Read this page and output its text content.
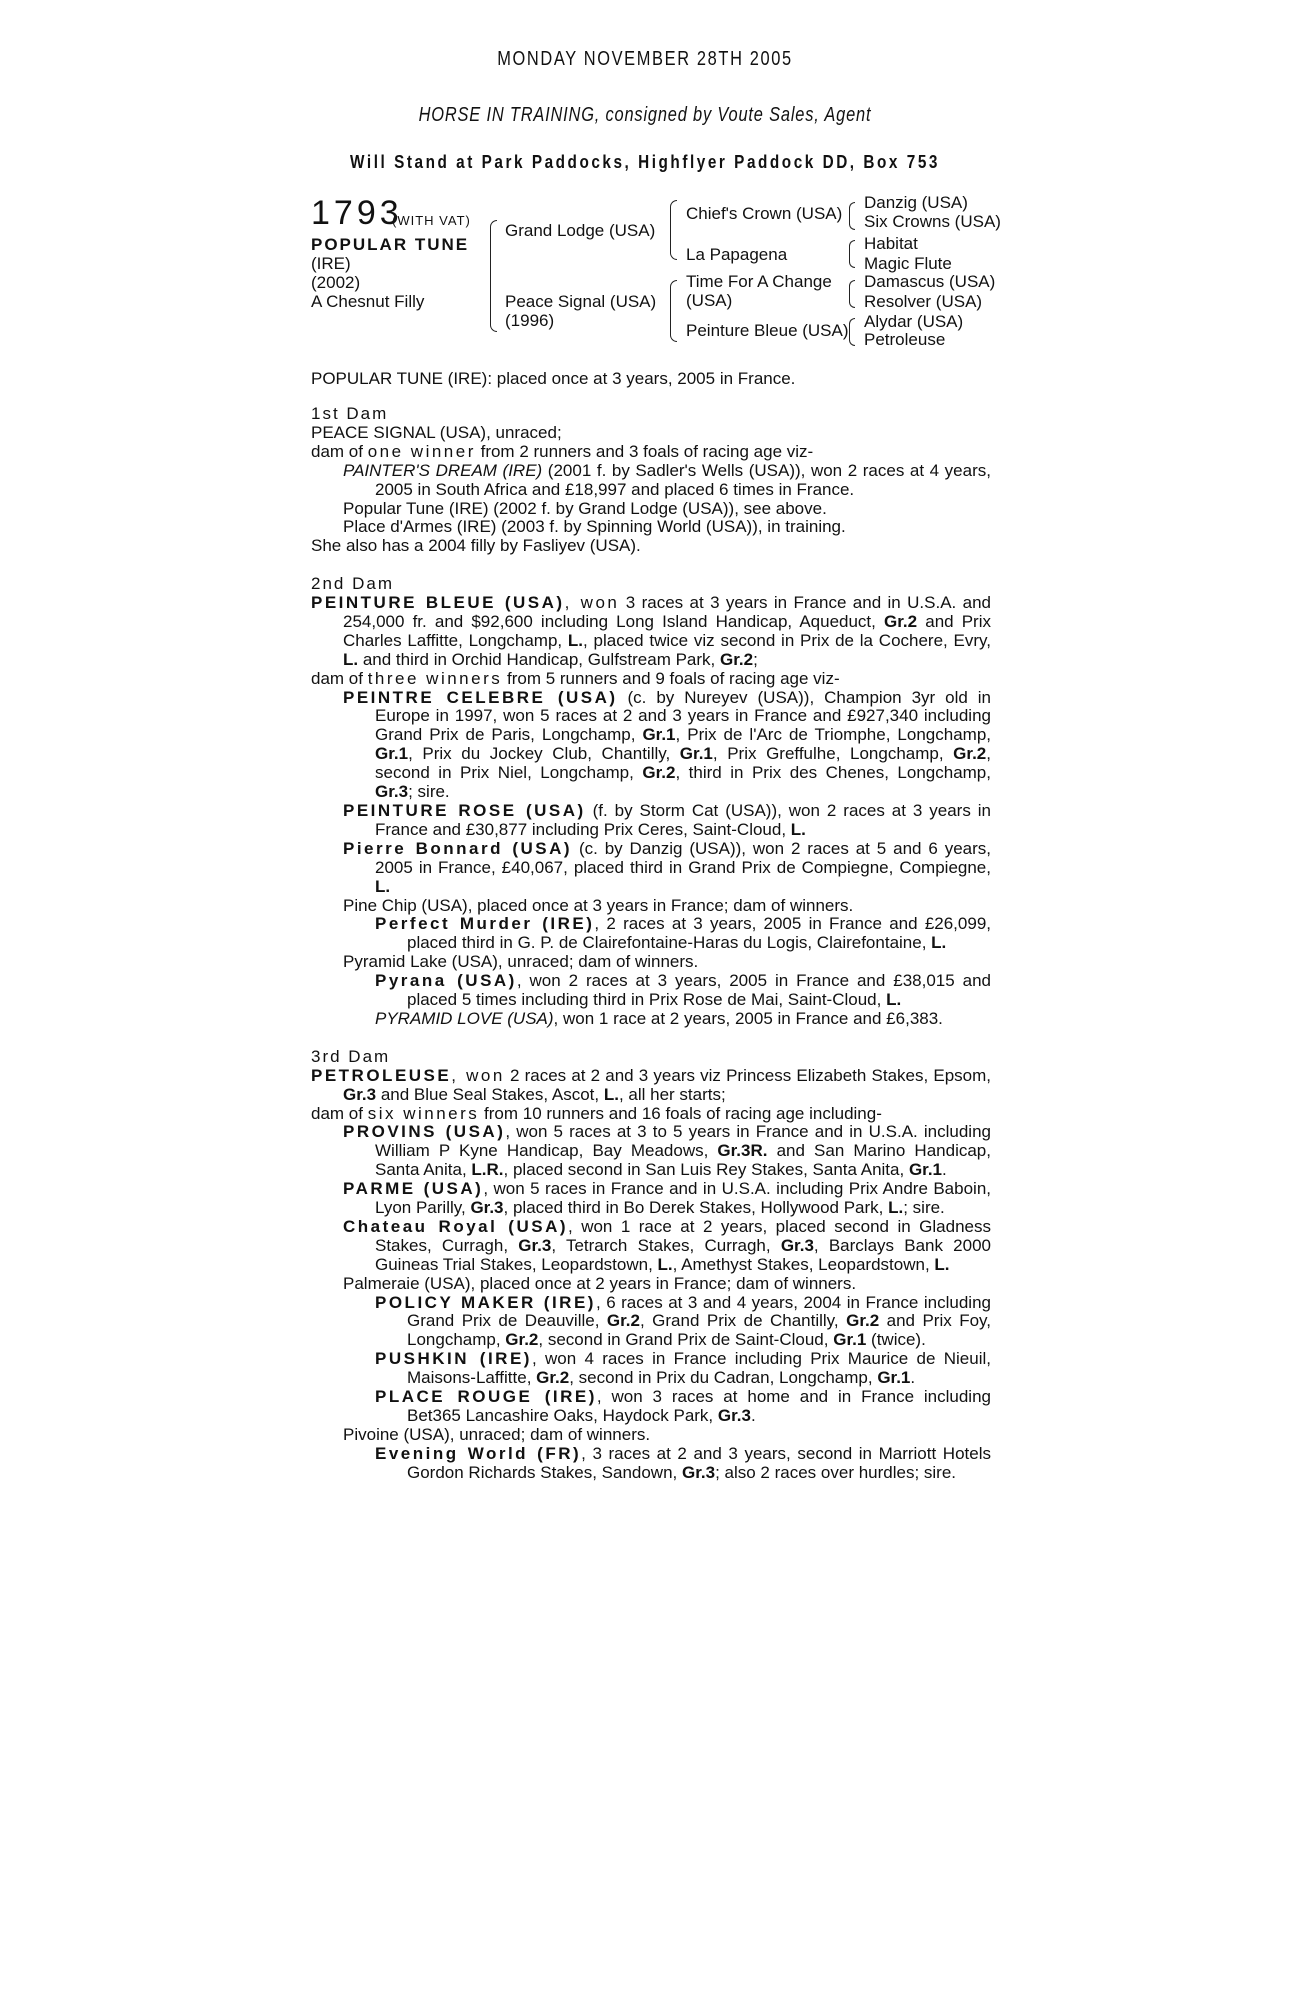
MONDAY NOVEMBER 28TH 2005
HORSE IN TRAINING, consigned by Voute Sales, Agent
Will Stand at Park Paddocks, Highflyer Paddock DD, Box 753
1793
(WITH VAT)
POPULAR TUNE
(IRE)
(2002)
A Chesnut Filly
Grand Lodge (USA)
Peace Signal (USA)
(1996)
Chief's Crown (USA)
La Papagena
Time For A Change
(USA)
Peinture Bleue (USA)
Danzig (USA)
Six Crowns (USA)
Habitat
Magic Flute
Damascus (USA)
Resolver (USA)
Alydar (USA)
Petroleuse
POPULAR TUNE (IRE): placed once at 3 years, 2005 in France.

1st Dam

PEACE SIGNAL (USA), unraced;

dam of one winner from 2 runners and 3 foals of racing age viz-

PAINTER'S DREAM (IRE) (2001 f. by Sadler's Wells (USA)), won 2 races at 4 years, 2005 in South Africa and £18,997 and placed 6 times in France.

Popular Tune (IRE) (2002 f. by Grand Lodge (USA)), see above.

Place d'Armes (IRE) (2003 f. by Spinning World (USA)), in training.

She also has a 2004 filly by Fasliyev (USA).

2nd Dam

PEINTURE BLEUE (USA), won 3 races at 3 years in France and in U.S.A. and 254,000 fr. and $92,600 including Long Island Handicap, Aqueduct, Gr.2 and Prix Charles Laffitte, Longchamp, L., placed twice viz second in Prix de la Cochere, Evry, L. and third in Orchid Handicap, Gulfstream Park, Gr.2;

dam of three winners from 5 runners and 9 foals of racing age viz-

PEINTRE CELEBRE (USA) (c. by Nureyev (USA)), Champion 3yr old in Europe in 1997, won 5 races at 2 and 3 years in France and £927,340 including Grand Prix de Paris, Longchamp, Gr.1, Prix de l'Arc de Triomphe, Longchamp, Gr.1, Prix du Jockey Club, Chantilly, Gr.1, Prix Greffulhe, Longchamp, Gr.2, second in Prix Niel, Longchamp, Gr.2, third in Prix des Chenes, Longchamp, Gr.3; sire.

PEINTURE ROSE (USA) (f. by Storm Cat (USA)), won 2 races at 3 years in France and £30,877 including Prix Ceres, Saint-Cloud, L.

Pierre Bonnard (USA) (c. by Danzig (USA)), won 2 races at 5 and 6 years, 2005 in France, £40,067, placed third in Grand Prix de Compiegne, Compiegne, L.

Pine Chip (USA), placed once at 3 years in France; dam of winners.

Perfect Murder (IRE), 2 races at 3 years, 2005 in France and £26,099, placed third in G. P. de Clairefontaine-Haras du Logis, Clairefontaine, L.

Pyramid Lake (USA), unraced; dam of winners.

Pyrana (USA), won 2 races at 3 years, 2005 in France and £38,015 and placed 5 times including third in Prix Rose de Mai, Saint-Cloud, L.

PYRAMID LOVE (USA), won 1 race at 2 years, 2005 in France and £6,383.

3rd Dam

PETROLEUSE, won 2 races at 2 and 3 years viz Princess Elizabeth Stakes, Epsom, Gr.3 and Blue Seal Stakes, Ascot, L., all her starts;

dam of six winners from 10 runners and 16 foals of racing age including-

PROVINS (USA), won 5 races at 3 to 5 years in France and in U.S.A. including William P Kyne Handicap, Bay Meadows, Gr.3R. and San Marino Handicap, Santa Anita, L.R., placed second in San Luis Rey Stakes, Santa Anita, Gr.1.

PARME (USA), won 5 races in France and in U.S.A. including Prix Andre Baboin, Lyon Parilly, Gr.3, placed third in Bo Derek Stakes, Hollywood Park, L.; sire.

Chateau Royal (USA), won 1 race at 2 years, placed second in Gladness Stakes, Curragh, Gr.3, Tetrarch Stakes, Curragh, Gr.3, Barclays Bank 2000 Guineas Trial Stakes, Leopardstown, L., Amethyst Stakes, Leopardstown, L.

Palmeraie (USA), placed once at 2 years in France; dam of winners.

POLICY MAKER (IRE), 6 races at 3 and 4 years, 2004 in France including Grand Prix de Deauville, Gr.2, Grand Prix de Chantilly, Gr.2 and Prix Foy, Longchamp, Gr.2, second in Grand Prix de Saint-Cloud, Gr.1 (twice).

PUSHKIN (IRE), won 4 races in France including Prix Maurice de Nieuil, Maisons-Laffitte, Gr.2, second in Prix du Cadran, Longchamp, Gr.1.

PLACE ROUGE (IRE), won 3 races at home and in France including Bet365 Lancashire Oaks, Haydock Park, Gr.3.

Pivoine (USA), unraced; dam of winners.

Evening World (FR), 3 races at 2 and 3 years, second in Marriott Hotels Gordon Richards Stakes, Sandown, Gr.3; also 2 races over hurdles; sire.
